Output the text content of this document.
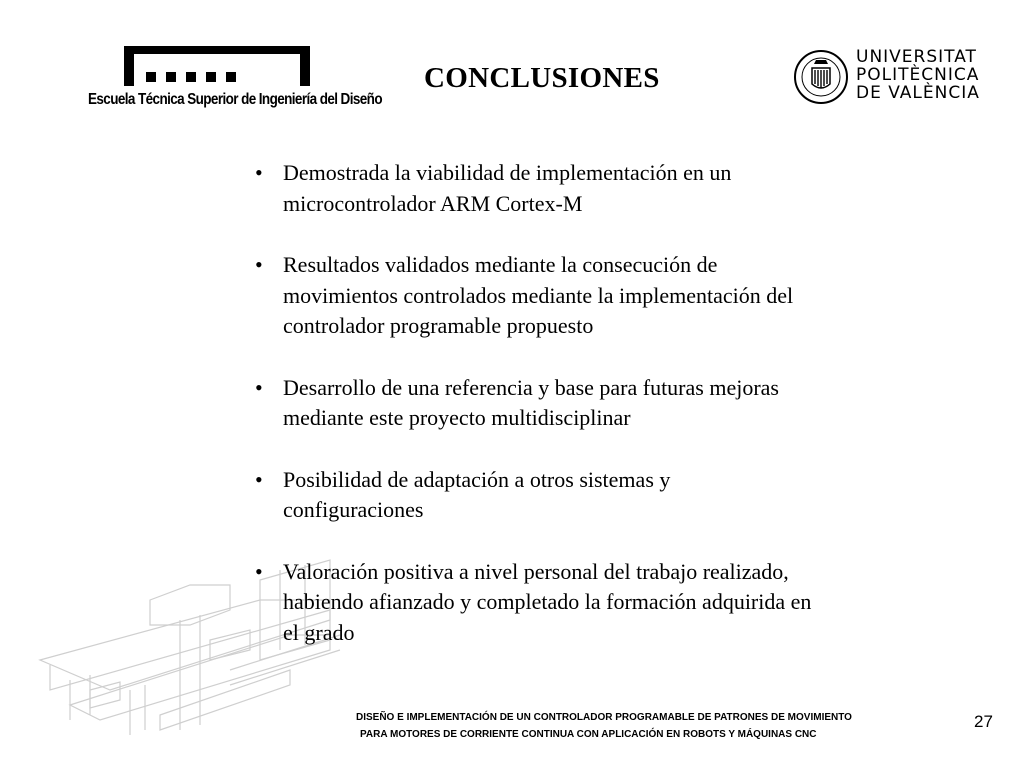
Escuela Técnica Superior de Ingeniería del Diseño
CONCLUSIONES
UNIVERSITAT
POLITÈCNICA
DE VALÈNCIA
• Demostrada la viabilidad de implementación en un microcontrolador ARM Cortex-M
• Resultados validados mediante la consecución de movimientos controlados mediante la implementación del controlador programable propuesto
• Desarrollo de una referencia y base para futuras mejoras mediante este proyecto multidisciplinar
• Posibilidad de adaptación a otros sistemas y configuraciones
• Valoración positiva a nivel personal del trabajo realizado, habiendo afianzado y completado la formación adquirida en el grado
DISEÑO E IMPLEMENTACIÓN DE UN CONTROLADOR PROGRAMABLE DE PATRONES DE MOVIMIENTO
PARA MOTORES DE CORRIENTE CONTINUA CON APLICACIÓN EN ROBOTS Y MÁQUINAS CNC
27
